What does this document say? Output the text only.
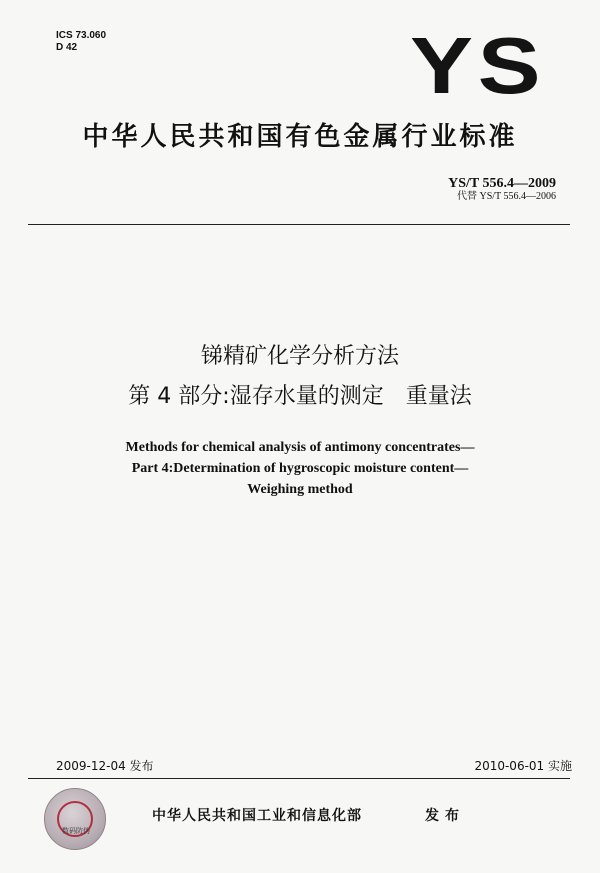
ICS 73.060
D 42	YS
中华人民共和国有色金属行业标准
YS/T 556.4—2009
代替 YS/T 556.4—2006
锑精矿化学分析方法
第 4 部分:湿存水量的测定　重量法
Methods for chemical analysis of antimony concentrates—
Part 4:Determination of hygroscopic moisture content—
Weighing method
2009-12-04 发布	2010-06-01 实施
数码防伪
中华人民共和国工业和信息化部	发布
